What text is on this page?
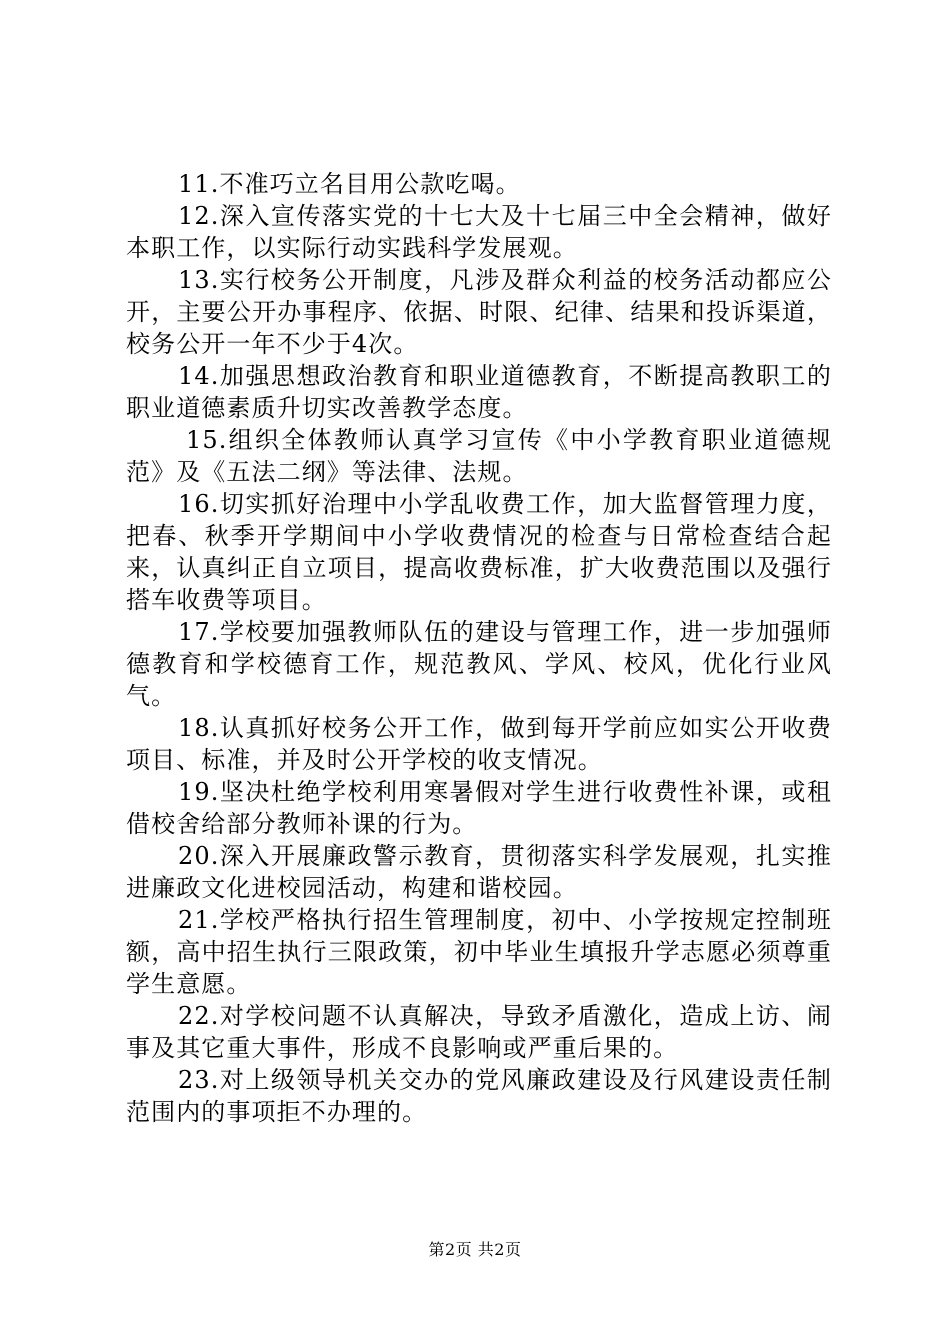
11.不准巧立名目用公款吃喝。

12.深入宣传落实党的十七大及十七届三中全会精神，做好本职工作，以实际行动实践科学发展观。

13.实行校务公开制度，凡涉及群众利益的校务活动都应公开，主要公开办事程序、依据、时限、纪律、结果和投诉渠道，校务公开一年不少于4次。

14.加强思想政治教育和职业道德教育，不断提高教职工的职业道德素质升切实改善教学态度。

15.组织全体教师认真学习宣传《中小学教育职业道德规范》及《五法二纲》等法律、法规。

16.切实抓好治理中小学乱收费工作，加大监督管理力度，把春、秋季开学期间中小学收费情况的检查与日常检查结合起来，认真纠正自立项目，提高收费标准，扩大收费范围以及强行搭车收费等项目。

17.学校要加强教师队伍的建设与管理工作，进一步加强师德教育和学校德育工作，规范教风、学风、校风，优化行业风气。

18.认真抓好校务公开工作，做到每开学前应如实公开收费项目、标准，并及时公开学校的收支情况。

19.坚决杜绝学校利用寒暑假对学生进行收费性补课，或租借校舍给部分教师补课的行为。

20.深入开展廉政警示教育，贯彻落实科学发展观，扎实推进廉政文化进校园活动，构建和谐校园。

21.学校严格执行招生管理制度，初中、小学按规定控制班额，高中招生执行三限政策，初中毕业生填报升学志愿必须尊重学生意愿。

22.对学校问题不认真解决，导致矛盾激化，造成上访、闹事及其它重大事件，形成不良影响或严重后果的。

23.对上级领导机关交办的党风廉政建设及行风建设责任制范围内的事项拒不办理的。

第2页 共2页
